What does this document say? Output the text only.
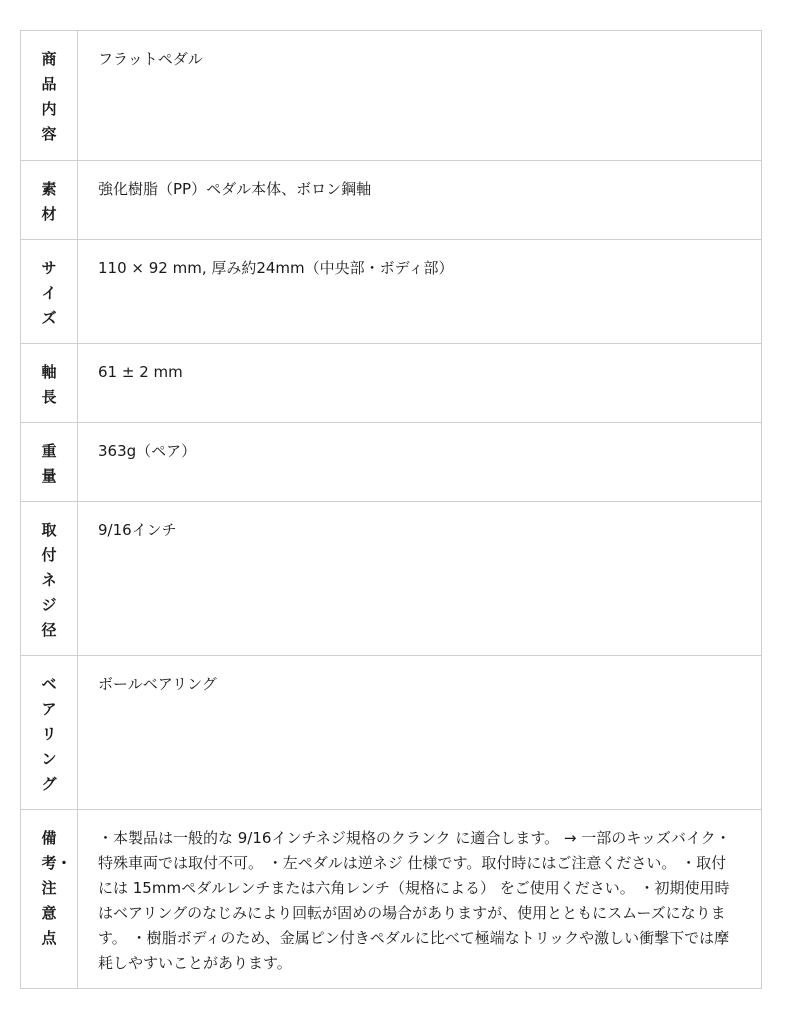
商品内容	フラットペダル

素材	強化樹脂（PP）ペダル本体、ボロン鋼軸

サイズ	110 × 92 mm, 厚み約24mm（中央部・ボディ部）

軸長	61 ± 2 mm

重量	363g（ペア）

取付ネジ径	9/16インチ

ベアリング	ボールベアリング

備考・注意点	・本製品は一般的な 9/16インチネジ規格のクランク に適合します。 → 一部のキッズバイク・特殊車両では取付不可。 ・左ペダルは逆ネジ 仕様です。取付時にはご注意ください。 ・取付には 15mmペダルレンチまたは六角レンチ（規格による） をご使用ください。 ・初期使用時はベアリングのなじみにより回転が固めの場合がありますが、使用とともにスムーズになります。 ・樹脂ボディのため、金属ピン付きペダルに比べて極端なトリックや激しい衝撃下では摩耗しやすいことがあります。
